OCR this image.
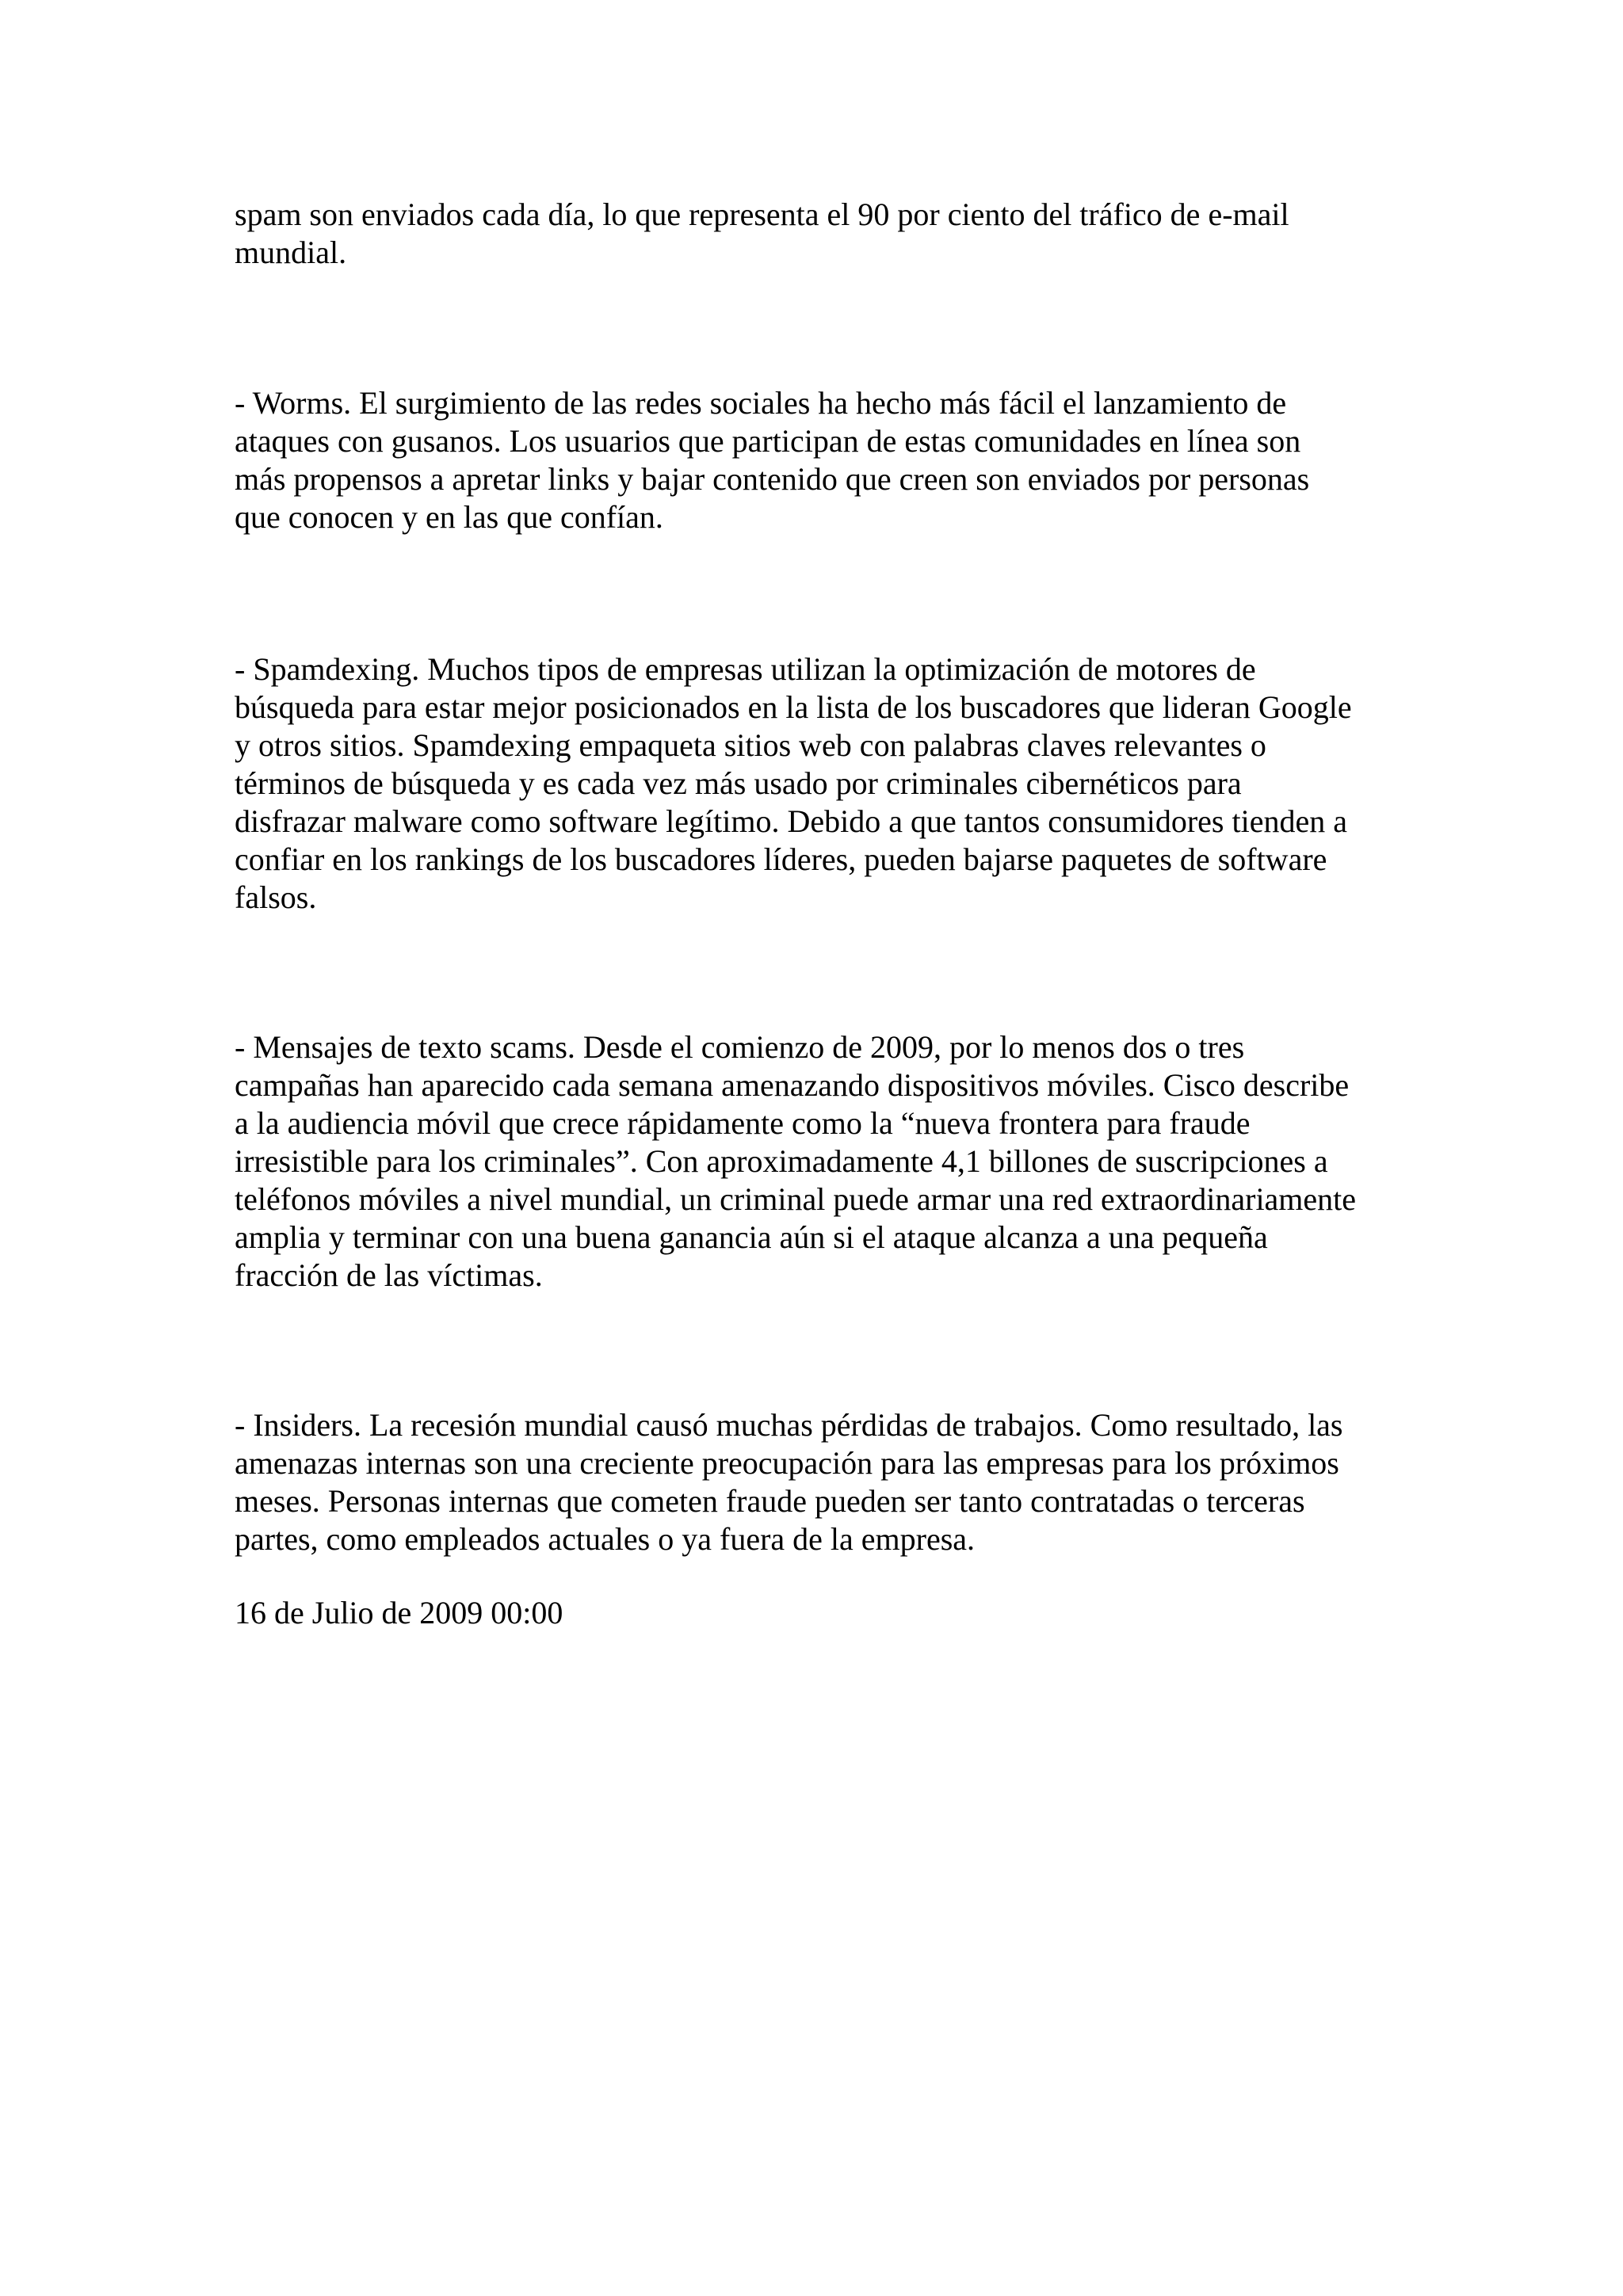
spam son enviados cada día, lo que representa el 90 por ciento del tráfico de e-mail
mundial.
- Worms. El surgimiento de las redes sociales ha hecho más fácil el lanzamiento de
ataques con gusanos. Los usuarios que participan de estas comunidades en línea son
más propensos a apretar links y bajar contenido que creen son enviados por personas
que conocen y en las que confían.
- Spamdexing. Muchos tipos de empresas utilizan la optimización de motores de
búsqueda para estar mejor posicionados en la lista de los buscadores que lideran Google
y otros sitios. Spamdexing empaqueta sitios web con palabras claves relevantes o
términos de búsqueda y es cada vez más usado por criminales cibernéticos para
disfrazar malware como software legítimo. Debido a que tantos consumidores tienden a
confiar en los rankings de los buscadores líderes, pueden bajarse paquetes de software
falsos.
- Mensajes de texto scams. Desde el comienzo de 2009, por lo menos dos o tres
campañas han aparecido cada semana amenazando dispositivos móviles. Cisco describe
a la audiencia móvil que crece rápidamente como la “nueva frontera para fraude
irresistible para los criminales”. Con aproximadamente 4,1 billones de suscripciones a
teléfonos móviles a nivel mundial, un criminal puede armar una red extraordinariamente
amplia y terminar con una buena ganancia aún si el ataque alcanza a una pequeña
fracción de las víctimas.
- Insiders. La recesión mundial causó muchas pérdidas de trabajos. Como resultado, las
amenazas internas son una creciente preocupación para las empresas para los próximos
meses. Personas internas que cometen fraude pueden ser tanto contratadas o terceras
partes, como empleados actuales o ya fuera de la empresa.
16 de Julio de 2009 00:00
